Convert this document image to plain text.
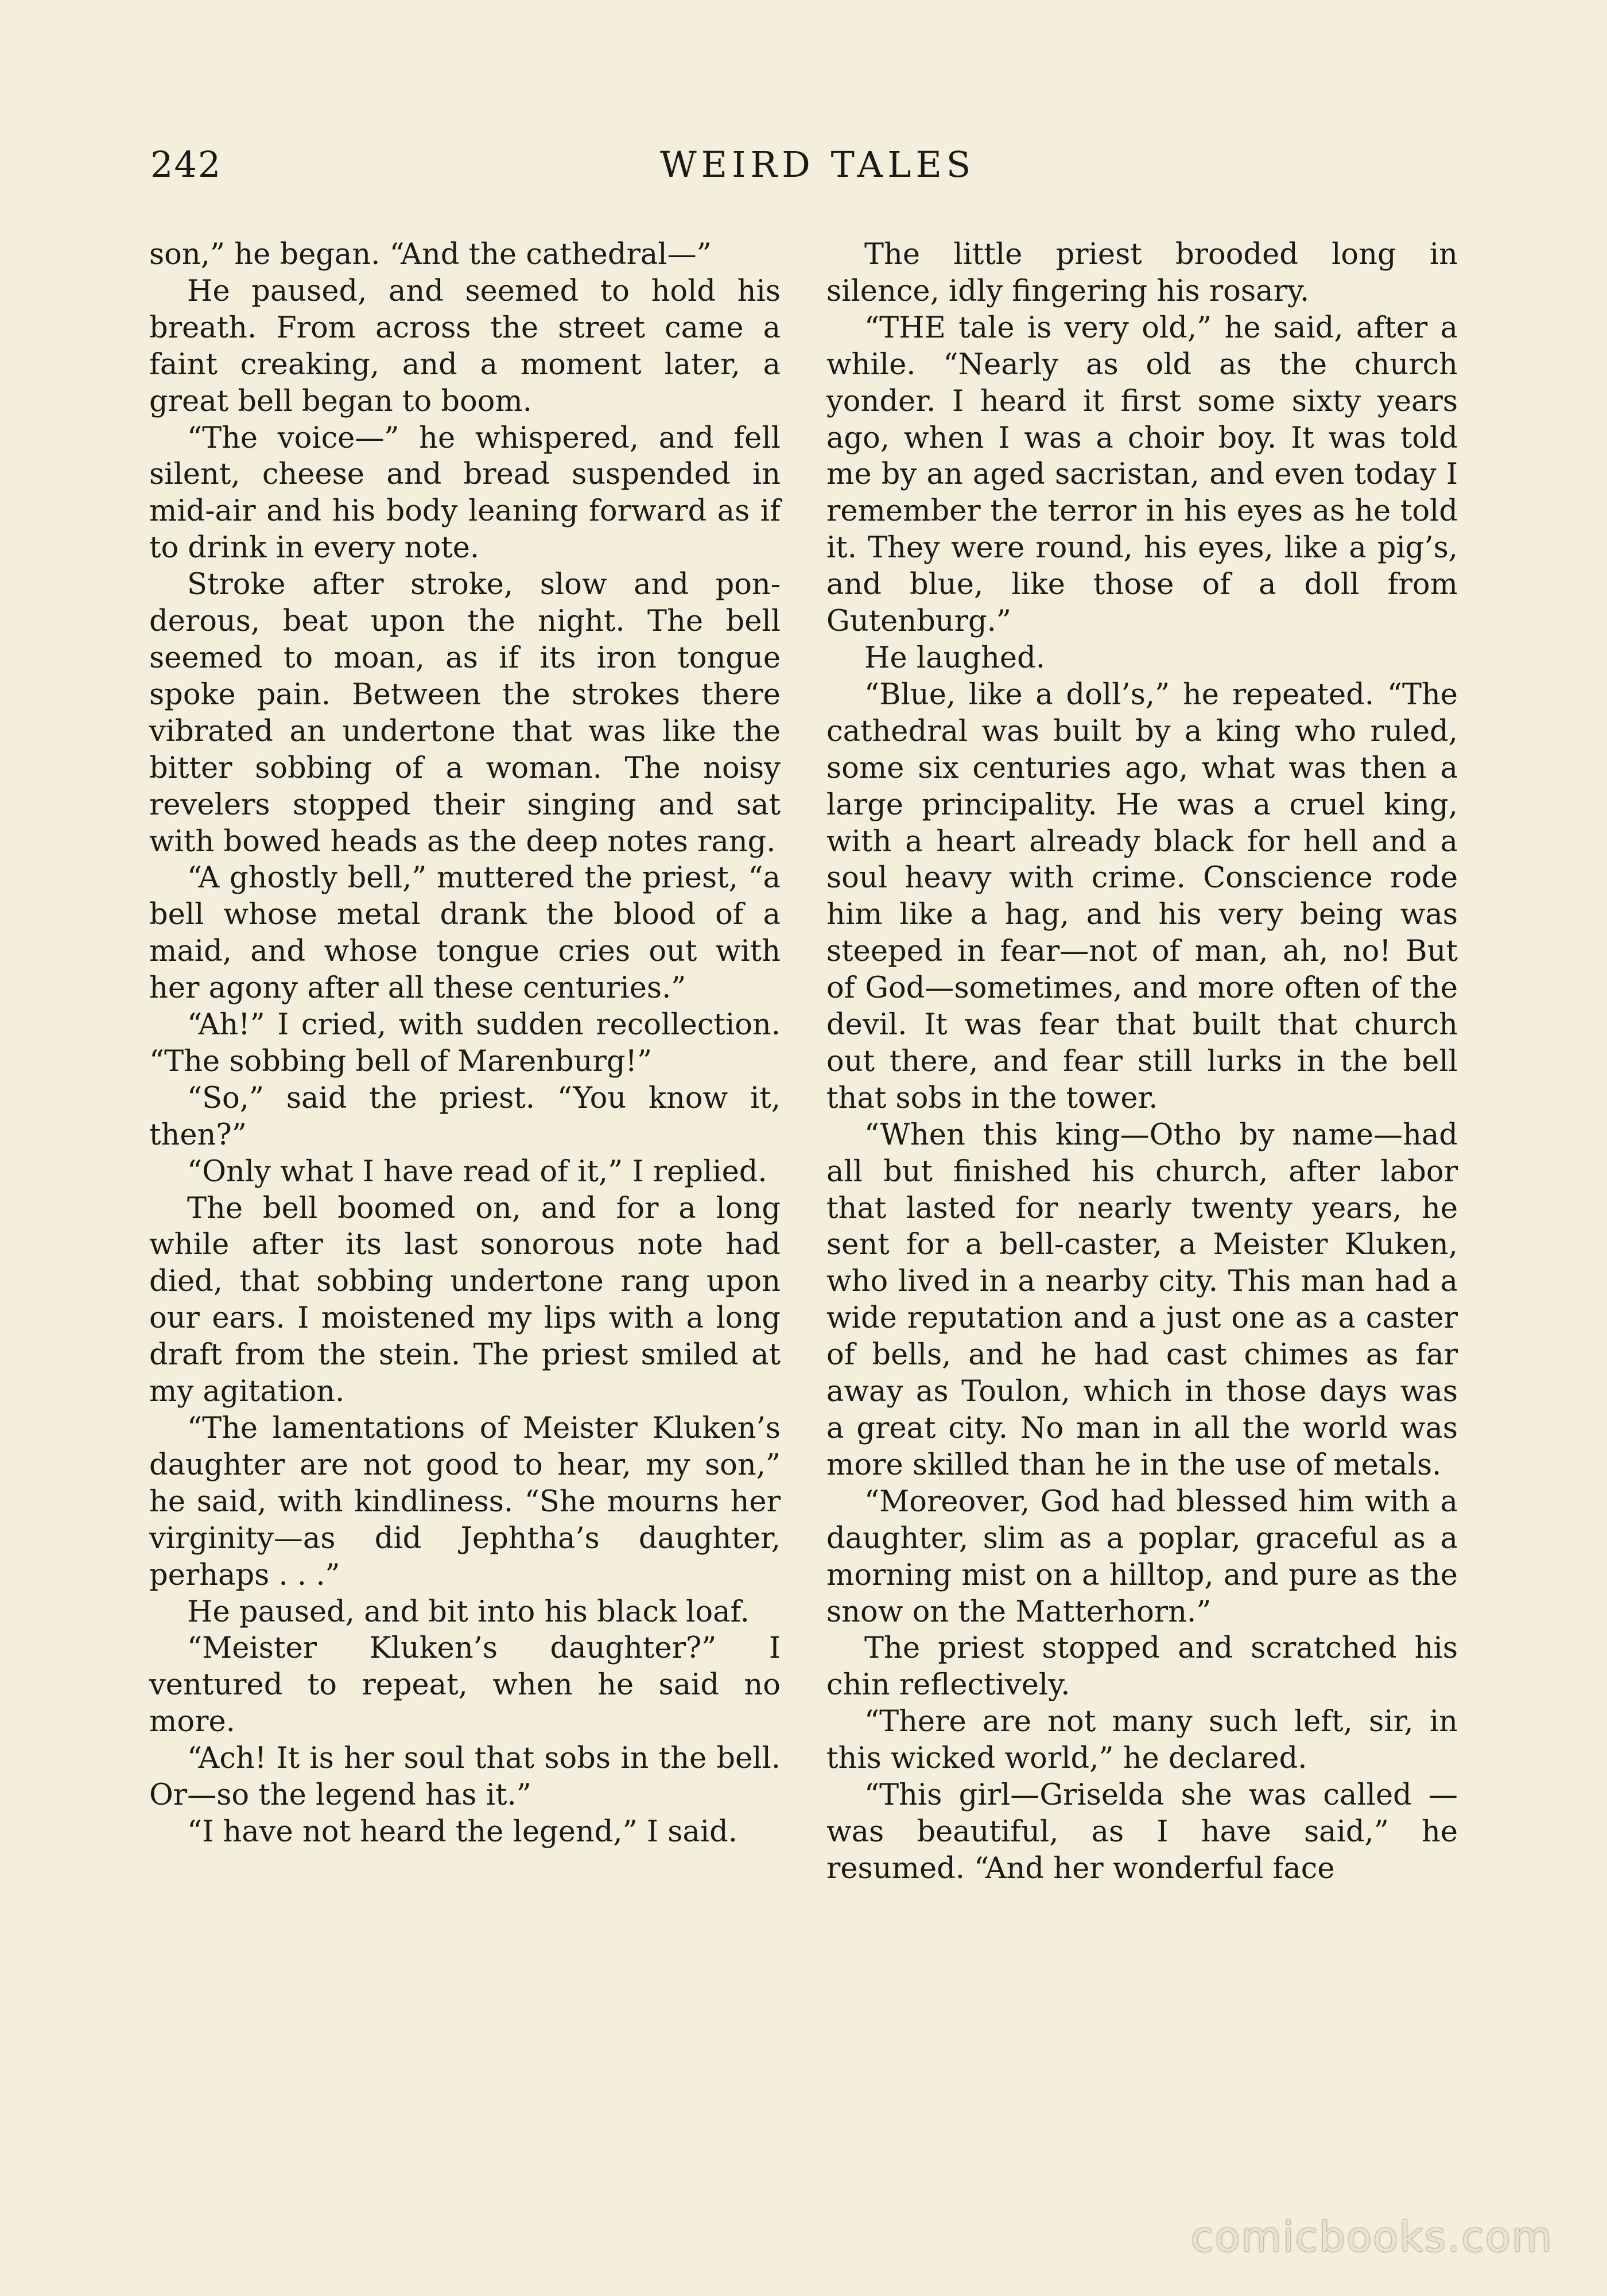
242	WEIRD TALES

son,” he began. “And the cathedral—”

He paused, and seemed to hold his breath. From across the street came a faint creaking, and a moment later, a great bell began to boom.

“The voice—” he whispered, and fell silent, cheese and bread suspended in mid-air and his body leaning forward as if to drink in every note.

Stroke after stroke, slow and ponderous, beat upon the night. The bell seemed to moan, as if its iron tongue spoke pain. Between the strokes there vibrated an undertone that was like the bitter sobbing of a woman. The noisy revelers stopped their singing and sat with bowed heads as the deep notes rang.

“A ghostly bell,” muttered the priest, “a bell whose metal drank the blood of a maid, and whose tongue cries out with her agony after all these centuries.”

“Ah!” I cried, with sudden recollection. “The sobbing bell of Marenburg!”

“So,” said the priest. “You know it, then?”

“Only what I have read of it,” I replied.

The bell boomed on, and for a long while after its last sonorous note had died, that sobbing undertone rang upon our ears. I moistened my lips with a long draft from the stein. The priest smiled at my agitation.

“The lamentations of Meister Kluken’s daughter are not good to hear, my son,” he said, with kindliness. “She mourns her virginity—as did Jephtha’s daughter, perhaps . . .”

He paused, and bit into his black loaf.

“Meister Kluken’s daughter?” I ventured to repeat, when he said no more.

“Ach! It is her soul that sobs in the bell. Or—so the legend has it.”

“I have not heard the legend,” I said.

The little priest brooded long in silence, idly fingering his rosary.

“THE tale is very old,” he said, after a while. “Nearly as old as the church yonder. I heard it first some sixty years ago, when I was a choir boy. It was told me by an aged sacristan, and even today I remember the terror in his eyes as he told it. They were round, his eyes, like a pig’s, and blue, like those of a doll from Gutenburg.”

He laughed.

“Blue, like a doll’s,” he repeated. “The cathedral was built by a king who ruled, some six centuries ago, what was then a large principality. He was a cruel king, with a heart already black for hell and a soul heavy with crime. Conscience rode him like a hag, and his very being was steeped in fear—not of man, ah, no! But of God—sometimes, and more often of the devil. It was fear that built that church out there, and fear still lurks in the bell that sobs in the tower.

“When this king—Otho by name—had all but finished his church, after labor that lasted for nearly twenty years, he sent for a bell-caster, a Meister Kluken, who lived in a nearby city. This man had a wide reputation and a just one as a caster of bells, and he had cast chimes as far away as Toulon, which in those days was a great city. No man in all the world was more skilled than he in the use of metals.

“Moreover, God had blessed him with a daughter, slim as a poplar, graceful as a morning mist on a hilltop, and pure as the snow on the Matterhorn.”

The priest stopped and scratched his chin reflectively.

“There are not many such left, sir, in this wicked world,” he declared.

“This girl—Griselda she was called —was beautiful, as I have said,” he resumed. “And her wonderful face

comicbooks.com
